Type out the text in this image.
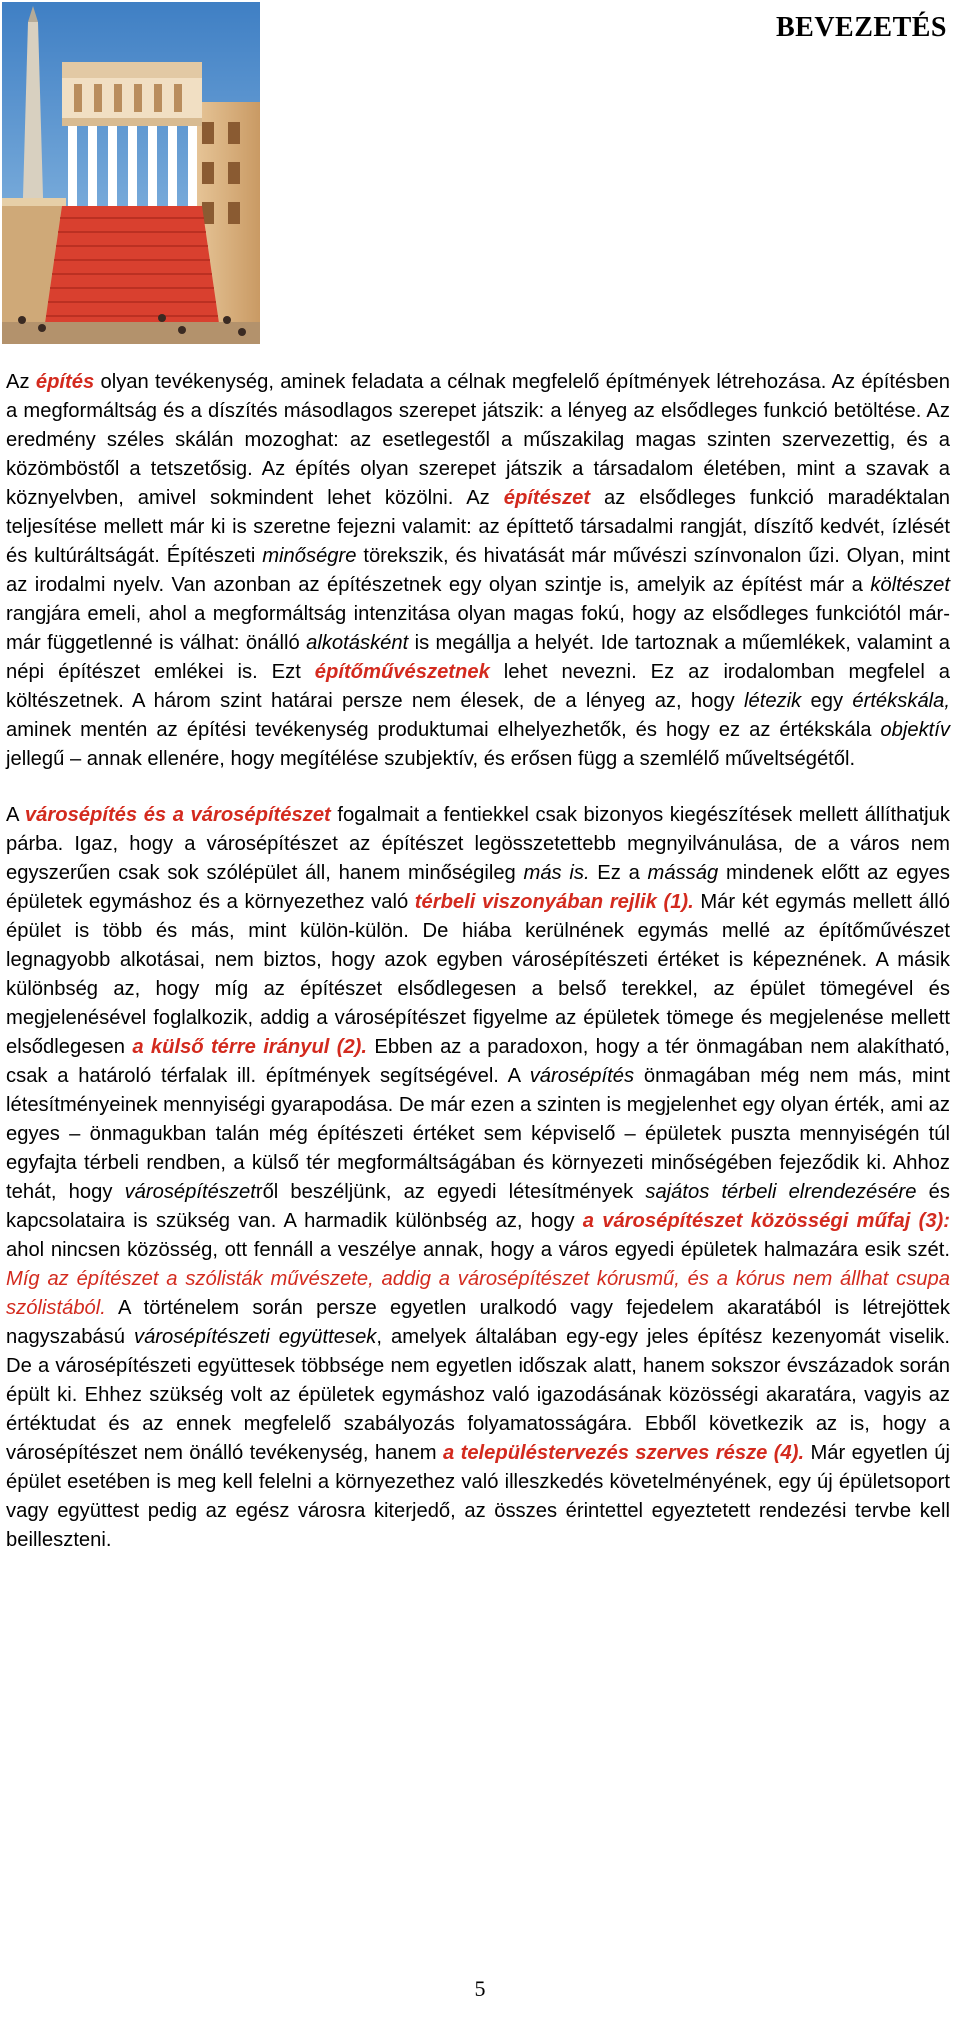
BEVEZETÉS

Az építés olyan tevékenység, aminek feladata a célnak megfelelő építmények létrehozása. Az építésben a megformáltság és a díszítés másodlagos szerepet játszik: a lényeg az elsődleges funkció betöltése. Az eredmény széles skálán mozoghat: az esetlegestől a műszakilag magas szinten szervezettig, és a közömböstől a tetszetősig. Az építés olyan szerepet játszik a társadalom életében, mint a szavak a köznyelvben, amivel sokmindent lehet közölni. Az építészet az elsődleges funkció maradéktalan teljesítése mellett már ki is szeretne fejezni valamit: az építtető társadalmi rangját, díszítő kedvét, ízlését és kultúráltságát. Építészeti minőségre törekszik, és hivatását már művészi színvonalon űzi. Olyan, mint az irodalmi nyelv. Van azonban az építészetnek egy olyan szintje is, amelyik az építést már a költészet rangjára emeli, ahol a megformáltság intenzitása olyan magas fokú, hogy az elsődleges funkciótól már-már függetlenné is válhat: önálló alkotásként is megállja a helyét. Ide tartoznak a műemlékek, valamint a népi építészet emlékei is. Ezt építőművészetnek lehet nevezni. Ez az irodalomban megfelel a költészetnek. A három szint határai persze nem élesek, de a lényeg az, hogy létezik egy értékskála, aminek mentén az építési tevékenység produktumai elhelyezhetők, és hogy ez az értékskála objektív jellegű – annak ellenére, hogy megítélése szubjektív, és erősen függ a szemlélő műveltségétől.

A városépítés és a városépítészet fogalmait a fentiekkel csak bizonyos kiegészítések mellett állíthatjuk párba. Igaz, hogy a városépítészet az építészet legösszetettebb megnyilvánulása, de a város nem egyszerűen csak sok szólépület áll, hanem minőségileg más is. Ez a másság mindenek előtt az egyes épületek egymáshoz és a környezethez való térbeli viszonyában rejlik (1). Már két egymás mellett álló épület is több és más, mint külön-külön. De hiába kerülnének egymás mellé az építőművészet legnagyobb alkotásai, nem biztos, hogy azok egyben városépítészeti értéket is képeznének. A másik különbség az, hogy míg az építészet elsődlegesen a belső terekkel, az épület tömegével és megjelenésével foglalkozik, addig a városépítészet figyelme az épületek tömege és megjelenése mellett elsődlegesen a külső térre irányul (2). Ebben az a paradoxon, hogy a tér önmagában nem alakítható, csak a határoló térfalak ill. építmények segítségével. A városépítés önmagában még nem más, mint létesítményeinek mennyiségi gyarapodása. De már ezen a szinten is megjelenhet egy olyan érték, ami az egyes – önmagukban talán még építészeti értéket sem képviselő – épületek puszta mennyiségén túl egyfajta térbeli rendben, a külső tér megformáltságában és környezeti minőségében fejeződik ki. Ahhoz tehát, hogy városépítészetről beszéljünk, az egyedi létesítmények sajátos térbeli elrendezésére és kapcsolataira is szükség van. A harmadik különbség az, hogy a városépítészet közösségi műfaj (3): ahol nincsen közösség, ott fennáll a veszélye annak, hogy a város egyedi épületek halmazára esik szét. Míg az építészet a szólisták művészete, addig a városépítészet kórusmű, és a kórus nem állhat csupa szólistából. A történelem során persze egyetlen uralkodó vagy fejedelem akaratából is létrejöttek nagyszabású városépítészeti együttesek, amelyek általában egy-egy jeles építész kezenyomát viselik. De a városépítészeti együttesek többsége nem egyetlen időszak alatt, hanem sokszor évszázadok során épült ki. Ehhez szükség volt az épületek egymáshoz való igazodásának közösségi akaratára, vagyis az értéktudat és az ennek megfelelő szabályozás folyamatosságára. Ebből következik az is, hogy a városépítészet nem önálló tevékenység, hanem a településtervezés szerves része (4). Már egyetlen új épület esetében is meg kell felelni a környezethez való illeszkedés követelményének, egy új épületsoport vagy együttest pedig az egész városra kiterjedő, az összes érintettel egyeztetett rendezési tervbe kell beilleszteni.

5
